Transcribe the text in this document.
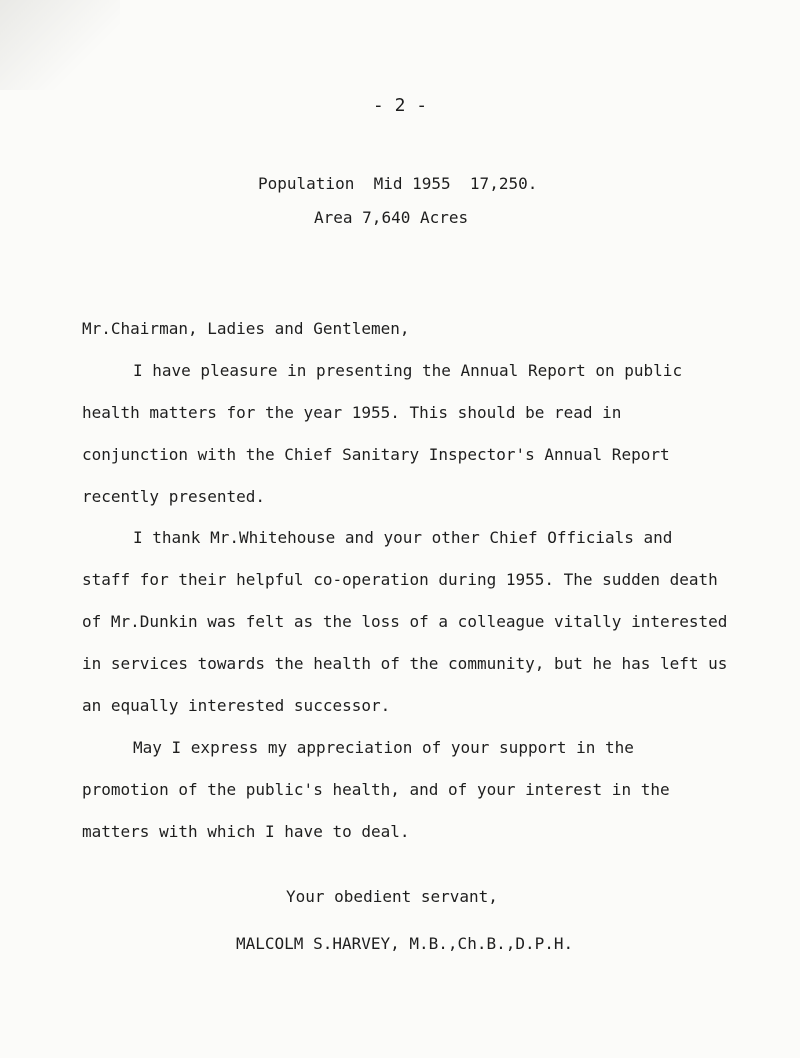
- 2 -
Population Mid 1955 17,250.
Area 7,640 Acres
Mr.Chairman, Ladies and Gentlemen,
I have pleasure in presenting the Annual Report on public
health matters for the year 1955. This should be read in
conjunction with the Chief Sanitary Inspector's Annual Report
recently presented.
I thank Mr.Whitehouse and your other Chief Officials and
staff for their helpful co-operation during 1955. The sudden death
of Mr.Dunkin was felt as the loss of a colleague vitally interested
in services towards the health of the community, but he has left us
an equally interested successor.
May I express my appreciation of your support in the
promotion of the public's health, and of your interest in the
matters with which I have to deal.
Your obedient servant,
MALCOLM S.HARVEY, M.B.,Ch.B.,D.P.H.
